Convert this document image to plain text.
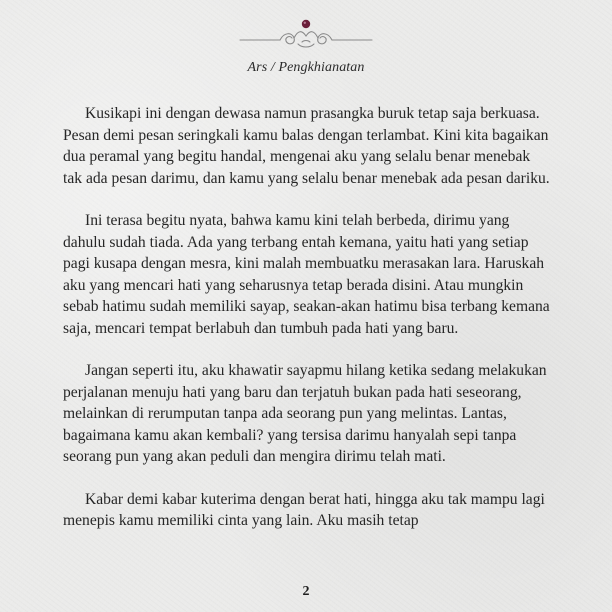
Ars / Pengkhianatan

Kusikapi ini dengan dewasa namun prasangka buruk tetap saja berkuasa. Pesan demi pesan seringkali kamu balas dengan terlambat. Kini kita bagaikan dua peramal yang begitu handal, mengenai aku yang selalu benar menebak tak ada pesan darimu, dan kamu yang selalu benar menebak ada pesan dariku.

Ini terasa begitu nyata, bahwa kamu kini telah berbeda, dirimu yang dahulu sudah tiada. Ada yang terbang entah kemana, yaitu hati yang setiap pagi kusapa dengan mesra, kini malah membuatku merasakan lara. Haruskah aku yang mencari hati yang seharusnya tetap berada disini. Atau mungkin sebab hatimu sudah memiliki sayap, seakan-akan hatimu bisa terbang kemana saja, mencari tempat berlabuh dan tumbuh pada hati yang baru.

Jangan seperti itu, aku khawatir sayapmu hilang ketika sedang melakukan perjalanan menuju hati yang baru dan terjatuh bukan pada hati seseorang, melainkan di rerumputan tanpa ada seorang pun yang melintas. Lantas, bagaimana kamu akan kembali? yang tersisa darimu hanyalah sepi tanpa seorang pun yang akan peduli dan mengira dirimu telah mati.

Kabar demi kabar kuterima dengan berat hati, hingga aku tak mampu lagi menepis kamu memiliki cinta yang lain. Aku masih tetap

2
